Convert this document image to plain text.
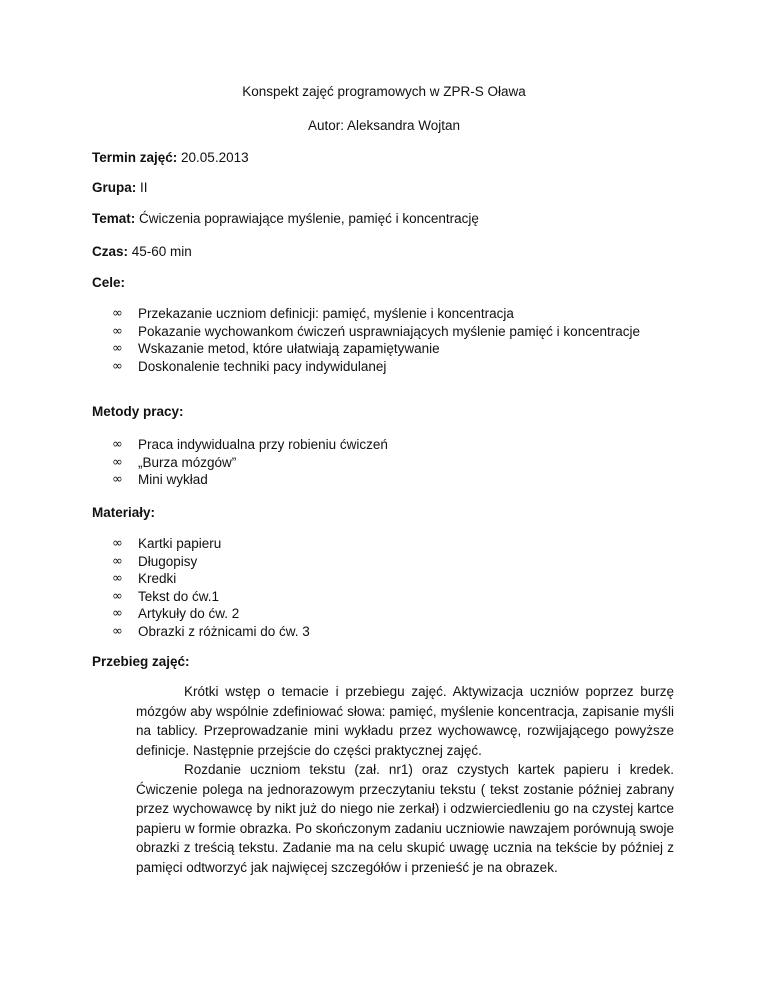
Konspekt zajęć programowych w ZPR-S Oława
Autor: Aleksandra Wojtan
Termin zajęć: 20.05.2013
Grupa: II
Temat: Ćwiczenia poprawiające myślenie, pamięć i koncentrację
Czas: 45-60 min
Cele:
∞ Przekazanie uczniom definicji: pamięć, myślenie i koncentracja
∞ Pokazanie wychowankom ćwiczeń usprawniających myślenie pamięć i koncentracje
∞ Wskazanie metod, które ułatwiają zapamiętywanie
∞ Doskonalenie techniki pacy indywidulanej
Metody pracy:
∞ Praca indywidualna przy robieniu ćwiczeń
∞ „Burza mózgów”
∞ Mini wykład
Materiały:
∞ Kartki papieru
∞ Długopisy
∞ Kredki
∞ Tekst do ćw.1
∞ Artykuły do ćw. 2
∞ Obrazki z różnicami do ćw. 3
Przebieg zajęć:

Krótki wstęp o temacie i przebiegu zajęć. Aktywizacja uczniów poprzez burzę mózgów aby wspólnie zdefiniować słowa: pamięć, myślenie koncentracja, zapisanie myśli na tablicy. Przeprowadzanie mini wykładu przez wychowawcę, rozwijającego powyższe definicje. Następnie przejście do części praktycznej zajęć.

Rozdanie uczniom tekstu (zał. nr1) oraz czystych kartek papieru i kredek. Ćwiczenie polega na jednorazowym przeczytaniu tekstu ( tekst zostanie później zabrany przez wychowawcę by nikt już do niego nie zerkał) i odzwierciedleniu go na czystej kartce papieru w formie obrazka. Po skończonym zadaniu uczniowie nawzajem porównują swoje obrazki z treścią tekstu. Zadanie ma na celu skupić uwagę ucznia na tekście by później z pamięci odtworzyć jak najwięcej szczegółów i przenieść je na obrazek.
